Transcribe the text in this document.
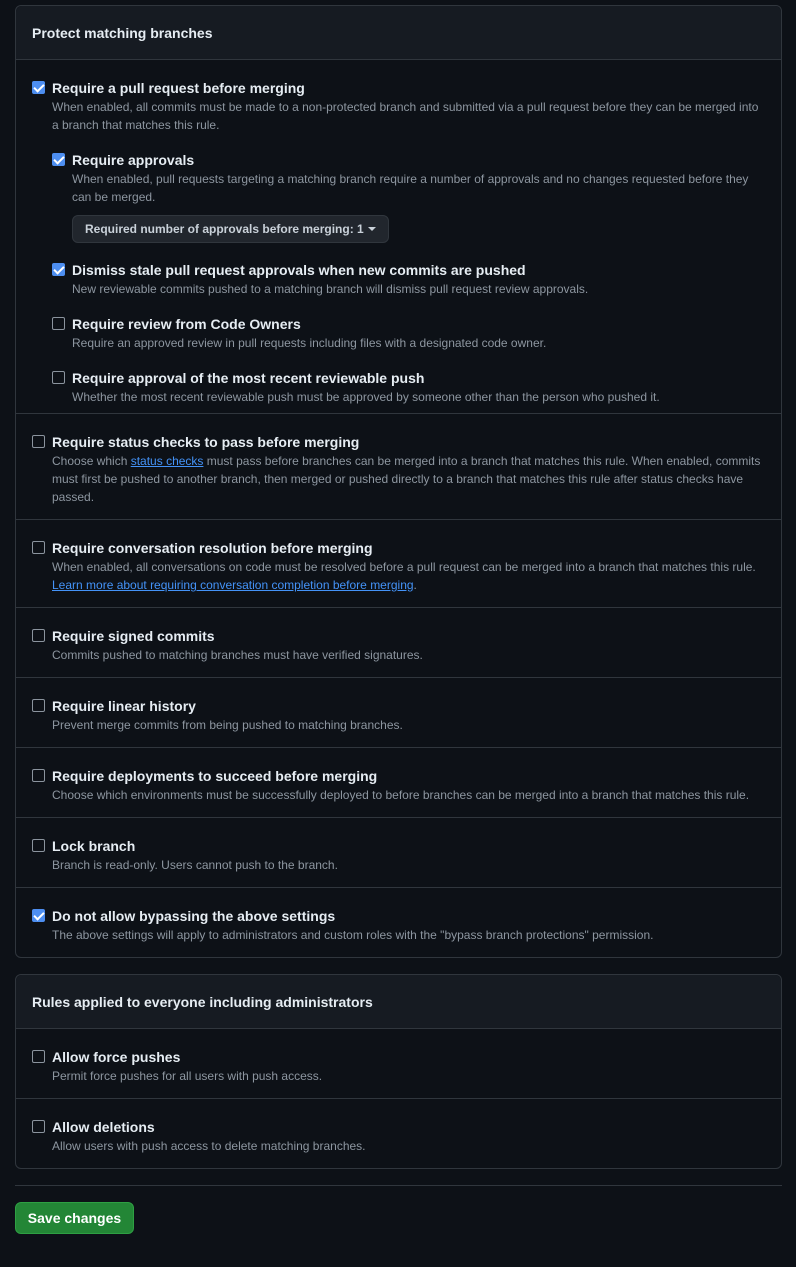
Protect matching branches
Require a pull request before merging
When enabled, all commits must be made to a non-protected branch and submitted via a pull request before they can be merged into a branch that matches this rule.
Require approvals
When enabled, pull requests targeting a matching branch require a number of approvals and no changes requested before they can be merged.
Required number of approvals before merging: 1
Dismiss stale pull request approvals when new commits are pushed
New reviewable commits pushed to a matching branch will dismiss pull request review approvals.
Require review from Code Owners
Require an approved review in pull requests including files with a designated code owner.
Require approval of the most recent reviewable push
Whether the most recent reviewable push must be approved by someone other than the person who pushed it.
Require status checks to pass before merging
Choose which status checks must pass before branches can be merged into a branch that matches this rule. When enabled, commits must first be pushed to another branch, then merged or pushed directly to a branch that matches this rule after status checks have passed.
Require conversation resolution before merging
When enabled, all conversations on code must be resolved before a pull request can be merged into a branch that matches this rule.
Learn more about requiring conversation completion before merging.
Require signed commits
Commits pushed to matching branches must have verified signatures.
Require linear history
Prevent merge commits from being pushed to matching branches.
Require deployments to succeed before merging
Choose which environments must be successfully deployed to before branches can be merged into a branch that matches this rule.
Lock branch
Branch is read-only. Users cannot push to the branch.
Do not allow bypassing the above settings
The above settings will apply to administrators and custom roles with the "bypass branch protections" permission.
Rules applied to everyone including administrators
Allow force pushes
Permit force pushes for all users with push access.
Allow deletions
Allow users with push access to delete matching branches.
Save changes
